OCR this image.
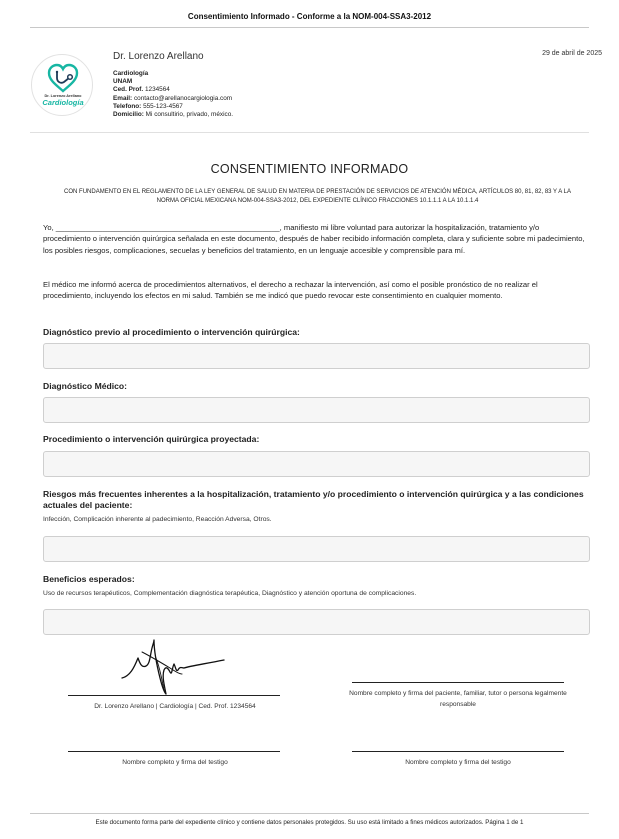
Consentimiento Informado - Conforme a la NOM-004-SSA3-2012
Dr. Lorenzo Arellano
Cardiología
Dr. Lorenzo Arellano
Cardiología
UNAM
Ced. Prof. 1234564
Email: contacto@arellanocargiologia.com
Telefono: 555-123-4567
Domicilio: Mi consultirio, privado, méxico.
29 de abril de 2025
CONSENTIMIENTO INFORMADO
CON FUNDAMENTO EN EL REGLAMENTO DE LA LEY GENERAL DE SALUD EN MATERIA DE PRESTACIÓN DE SERVICIOS DE ATENCIÓN MÉDICA, ARTÍCULOS 80, 81, 82, 83 Y A LA NORMA OFICIAL MEXICANA NOM-004-SSA3-2012, DEL EXPEDIENTE CLÍNICO FRACCIONES 10.1.1.1 A LA 10.1.1.4
Yo, _____________________________________________________, manifiesto mi libre voluntad para autorizar la hospitalización, tratamiento y/o procedimiento o intervención quirúrgica señalada en este documento, después de haber recibido información completa, clara y suficiente sobre mi padecimiento, los posibles riesgos, complicaciones, secuelas y beneficios del tratamiento, en un lenguaje accesible y comprensible para mí.
El médico me informó acerca de procedimientos alternativos, el derecho a rechazar la intervención, así como el posible pronóstico de no realizar el procedimiento, incluyendo los efectos en mi salud. También se me indicó que puedo revocar este consentimiento en cualquier momento.
Diagnóstico previo al procedimiento o intervención quirúrgica:
Diagnóstico Médico:
Procedimiento o intervención quirúrgica proyectada:
Riesgos más frecuentes inherentes a la hospitalización, tratamiento y/o procedimiento o intervención quirúrgica y a las condiciones actuales del paciente:
Infección, Complicación inherente al padecimiento, Reacción Adversa, Otros.
Beneficios esperados:
Uso de recursos terapéuticos, Complementación diagnóstica terapéutica, Diagnóstico y atención oportuna de complicaciones.
Dr. Lorenzo Arellano | Cardiología | Ced. Prof. 1234564
Nombre completo y firma del paciente, familiar, tutor o persona legalmente responsable
Nombre completo y firma del testigo	Nombre completo y firma del testigo
Este documento forma parte del expediente clínico y contiene datos personales protegidos. Su uso está limitado a fines médicos autorizados. Página 1 de 1
